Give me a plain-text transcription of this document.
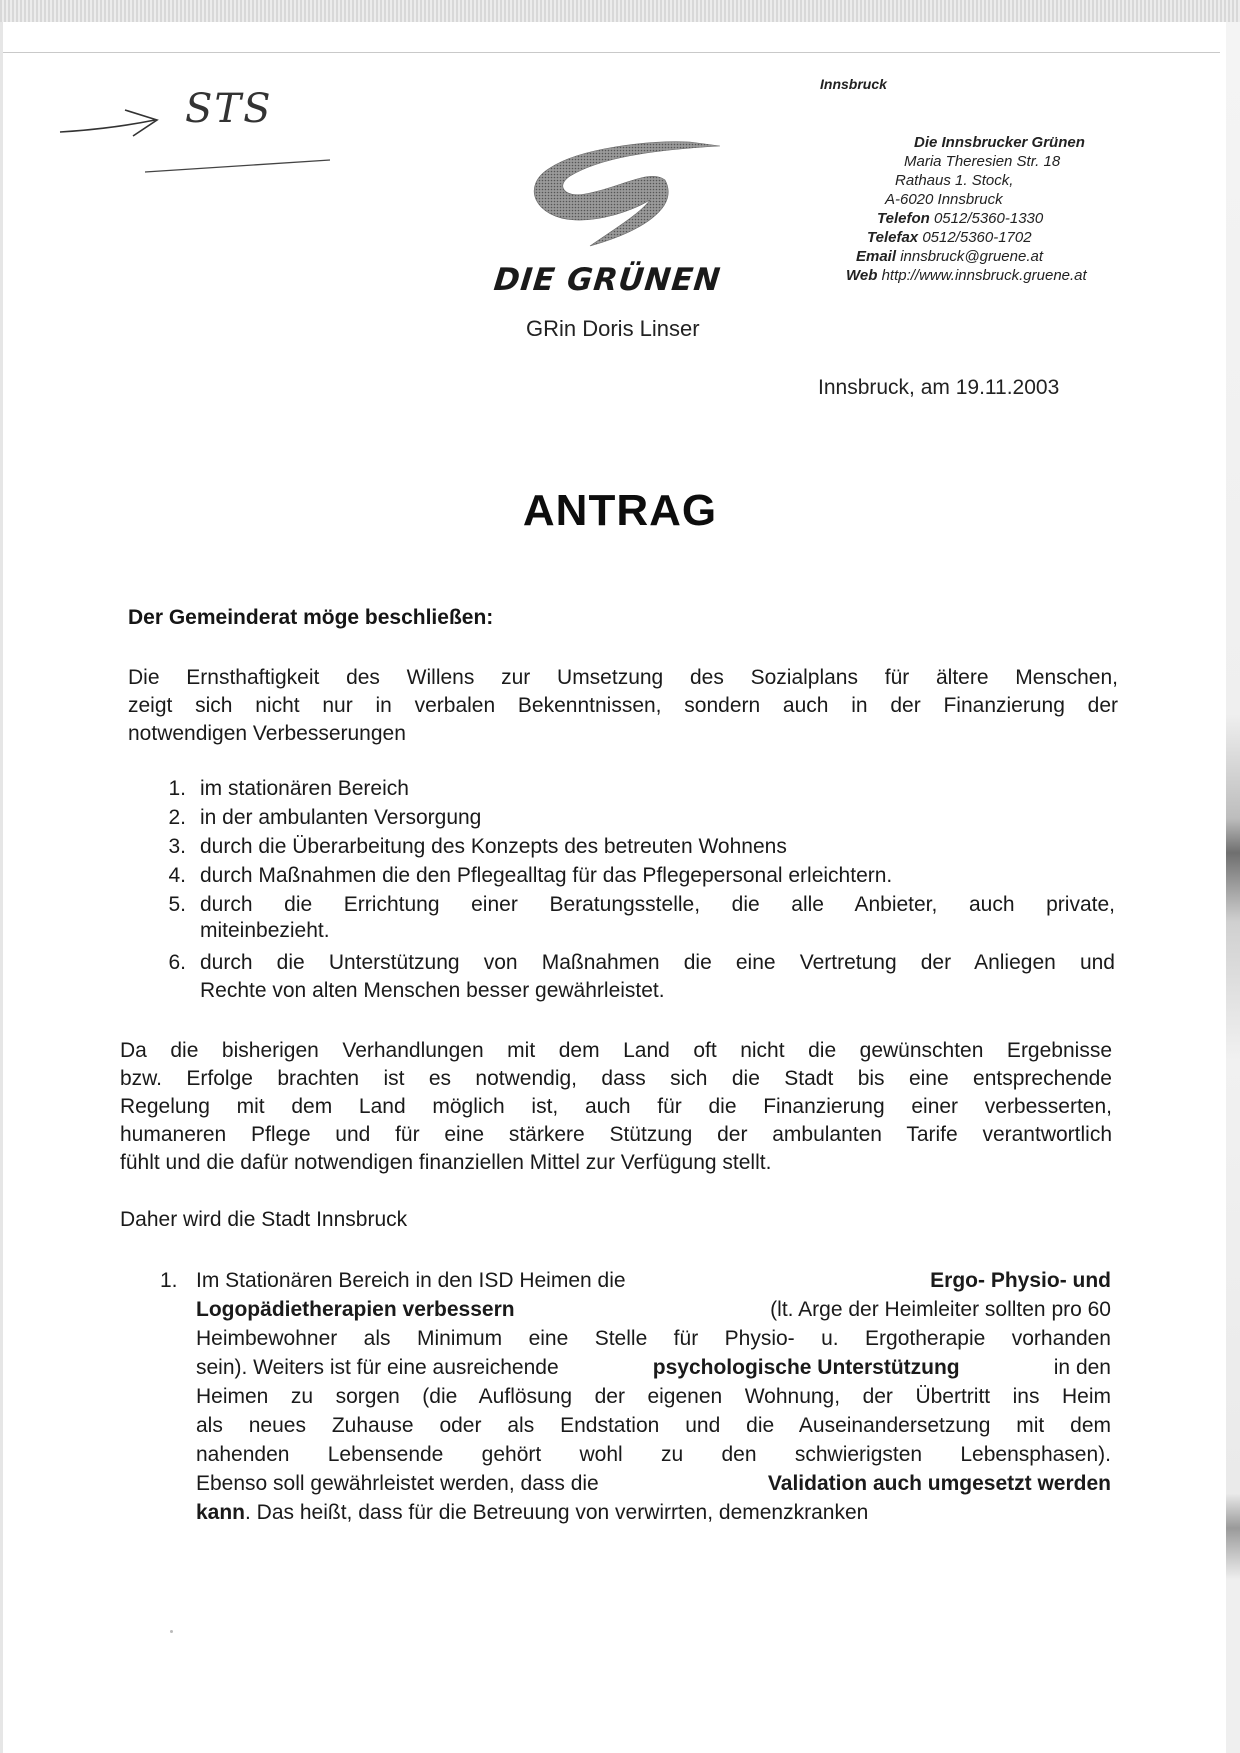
STS
DIE GRÜNEN
GRin Doris Linser
Innsbruck
Die Innsbrucker Grünen
Maria Theresien Str. 18
Rathaus 1. Stock,
A-6020 Innsbruck
Telefon 0512/5360-1330
Telefax 0512/5360-1702
Email innsbruck@gruene.at
Web http://www.innsbruck.gruene.at
Innsbruck, am 19.11.2003
ANTRAG
Der Gemeinderat möge beschließen:
Die Ernsthaftigkeit des Willens zur Umsetzung des Sozialplans für ältere Menschen,
zeigt sich nicht nur in verbalen Bekenntnissen, sondern auch in der Finanzierung der
notwendigen Verbesserungen
1. im stationären Bereich
2. in der ambulanten Versorgung
3. durch die Überarbeitung des Konzepts des betreuten Wohnens
4. durch Maßnahmen die den Pflegealltag für das Pflegepersonal erleichtern.
5. durch die Errichtung einer Beratungsstelle, die alle Anbieter, auch private,
miteinbezieht.
6. durch die Unterstützung von Maßnahmen die eine Vertretung der Anliegen und
Rechte von alten Menschen besser gewährleistet.
Da die bisherigen Verhandlungen mit dem Land oft nicht die gewünschten Ergebnisse
bzw. Erfolge brachten ist es notwendig, dass sich die Stadt bis eine entsprechende
Regelung mit dem Land möglich ist, auch für die Finanzierung einer verbesserten,
humaneren Pflege und für eine stärkere Stützung der ambulanten Tarife verantwortlich
fühlt und die dafür notwendigen finanziellen Mittel zur Verfügung stellt.
Daher wird die Stadt Innsbruck
1. Im Stationären Bereich in den ISD Heimen die	Ergo- Physio- und
Logopädietherapien verbessern	(lt. Arge der Heimleiter sollten pro 60
Heimbewohner als Minimum eine Stelle für Physio- u. Ergotherapie vorhanden
sein). Weiters ist für eine ausreichende	psychologische Unterstützung	in den
Heimen zu sorgen (die Auflösung der eigenen Wohnung, der Übertritt ins Heim
als neues Zuhause oder als Endstation und die Auseinandersetzung mit dem
nahenden Lebensende gehört wohl zu den schwierigsten Lebensphasen).
Ebenso soll gewährleistet werden, dass die	Validation auch umgesetzt werden
kann. Das heißt, dass für die Betreuung von verwirrten, demenzkranken
